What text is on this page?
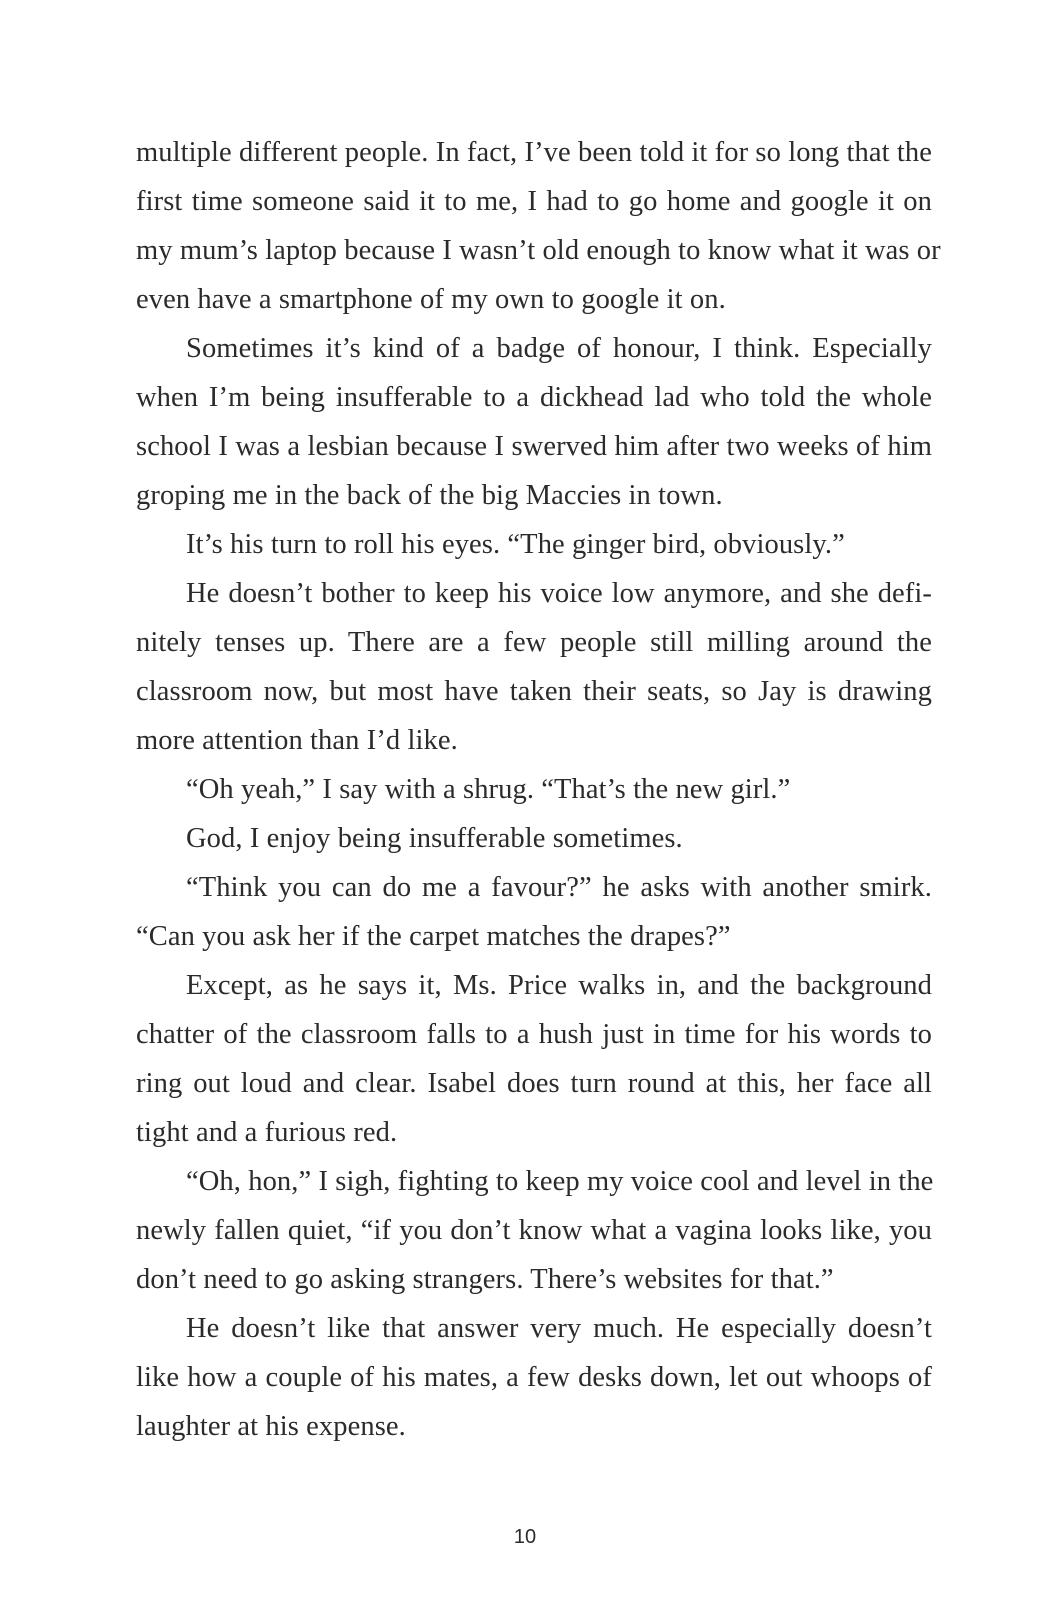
multiple different people. In fact, I’ve been told it for so long that the
first time someone said it to me, I had to go home and google it on
my mum’s laptop because I wasn’t old enough to know what it was or
even have a smartphone of my own to google it on.
Sometimes it’s kind of a badge of honour, I think. Especially
when I’m being insufferable to a dickhead lad who told the whole
school I was a lesbian because I swerved him after two weeks of him
groping me in the back of the big Maccies in town.
It’s his turn to roll his eyes. “The ginger bird, obviously.”
He doesn’t bother to keep his voice low anymore, and she defi-
nitely tenses up. There are a few people still milling around the
classroom now, but most have taken their seats, so Jay is drawing
more attention than I’d like.
“Oh yeah,” I say with a shrug. “That’s the new girl.”
God, I enjoy being insufferable sometimes.
“Think you can do me a favour?” he asks with another smirk.
“Can you ask her if the carpet matches the drapes?”
Except, as he says it, Ms. Price walks in, and the background
chatter of the classroom falls to a hush just in time for his words to
ring out loud and clear. Isabel does turn round at this, her face all
tight and a furious red.
“Oh, hon,” I sigh, fighting to keep my voice cool and level in the
newly fallen quiet, “if you don’t know what a vagina looks like, you
don’t need to go asking strangers. There’s websites for that.”
He doesn’t like that answer very much. He especially doesn’t
like how a couple of his mates, a few desks down, let out whoops of
laughter at his expense.
10
